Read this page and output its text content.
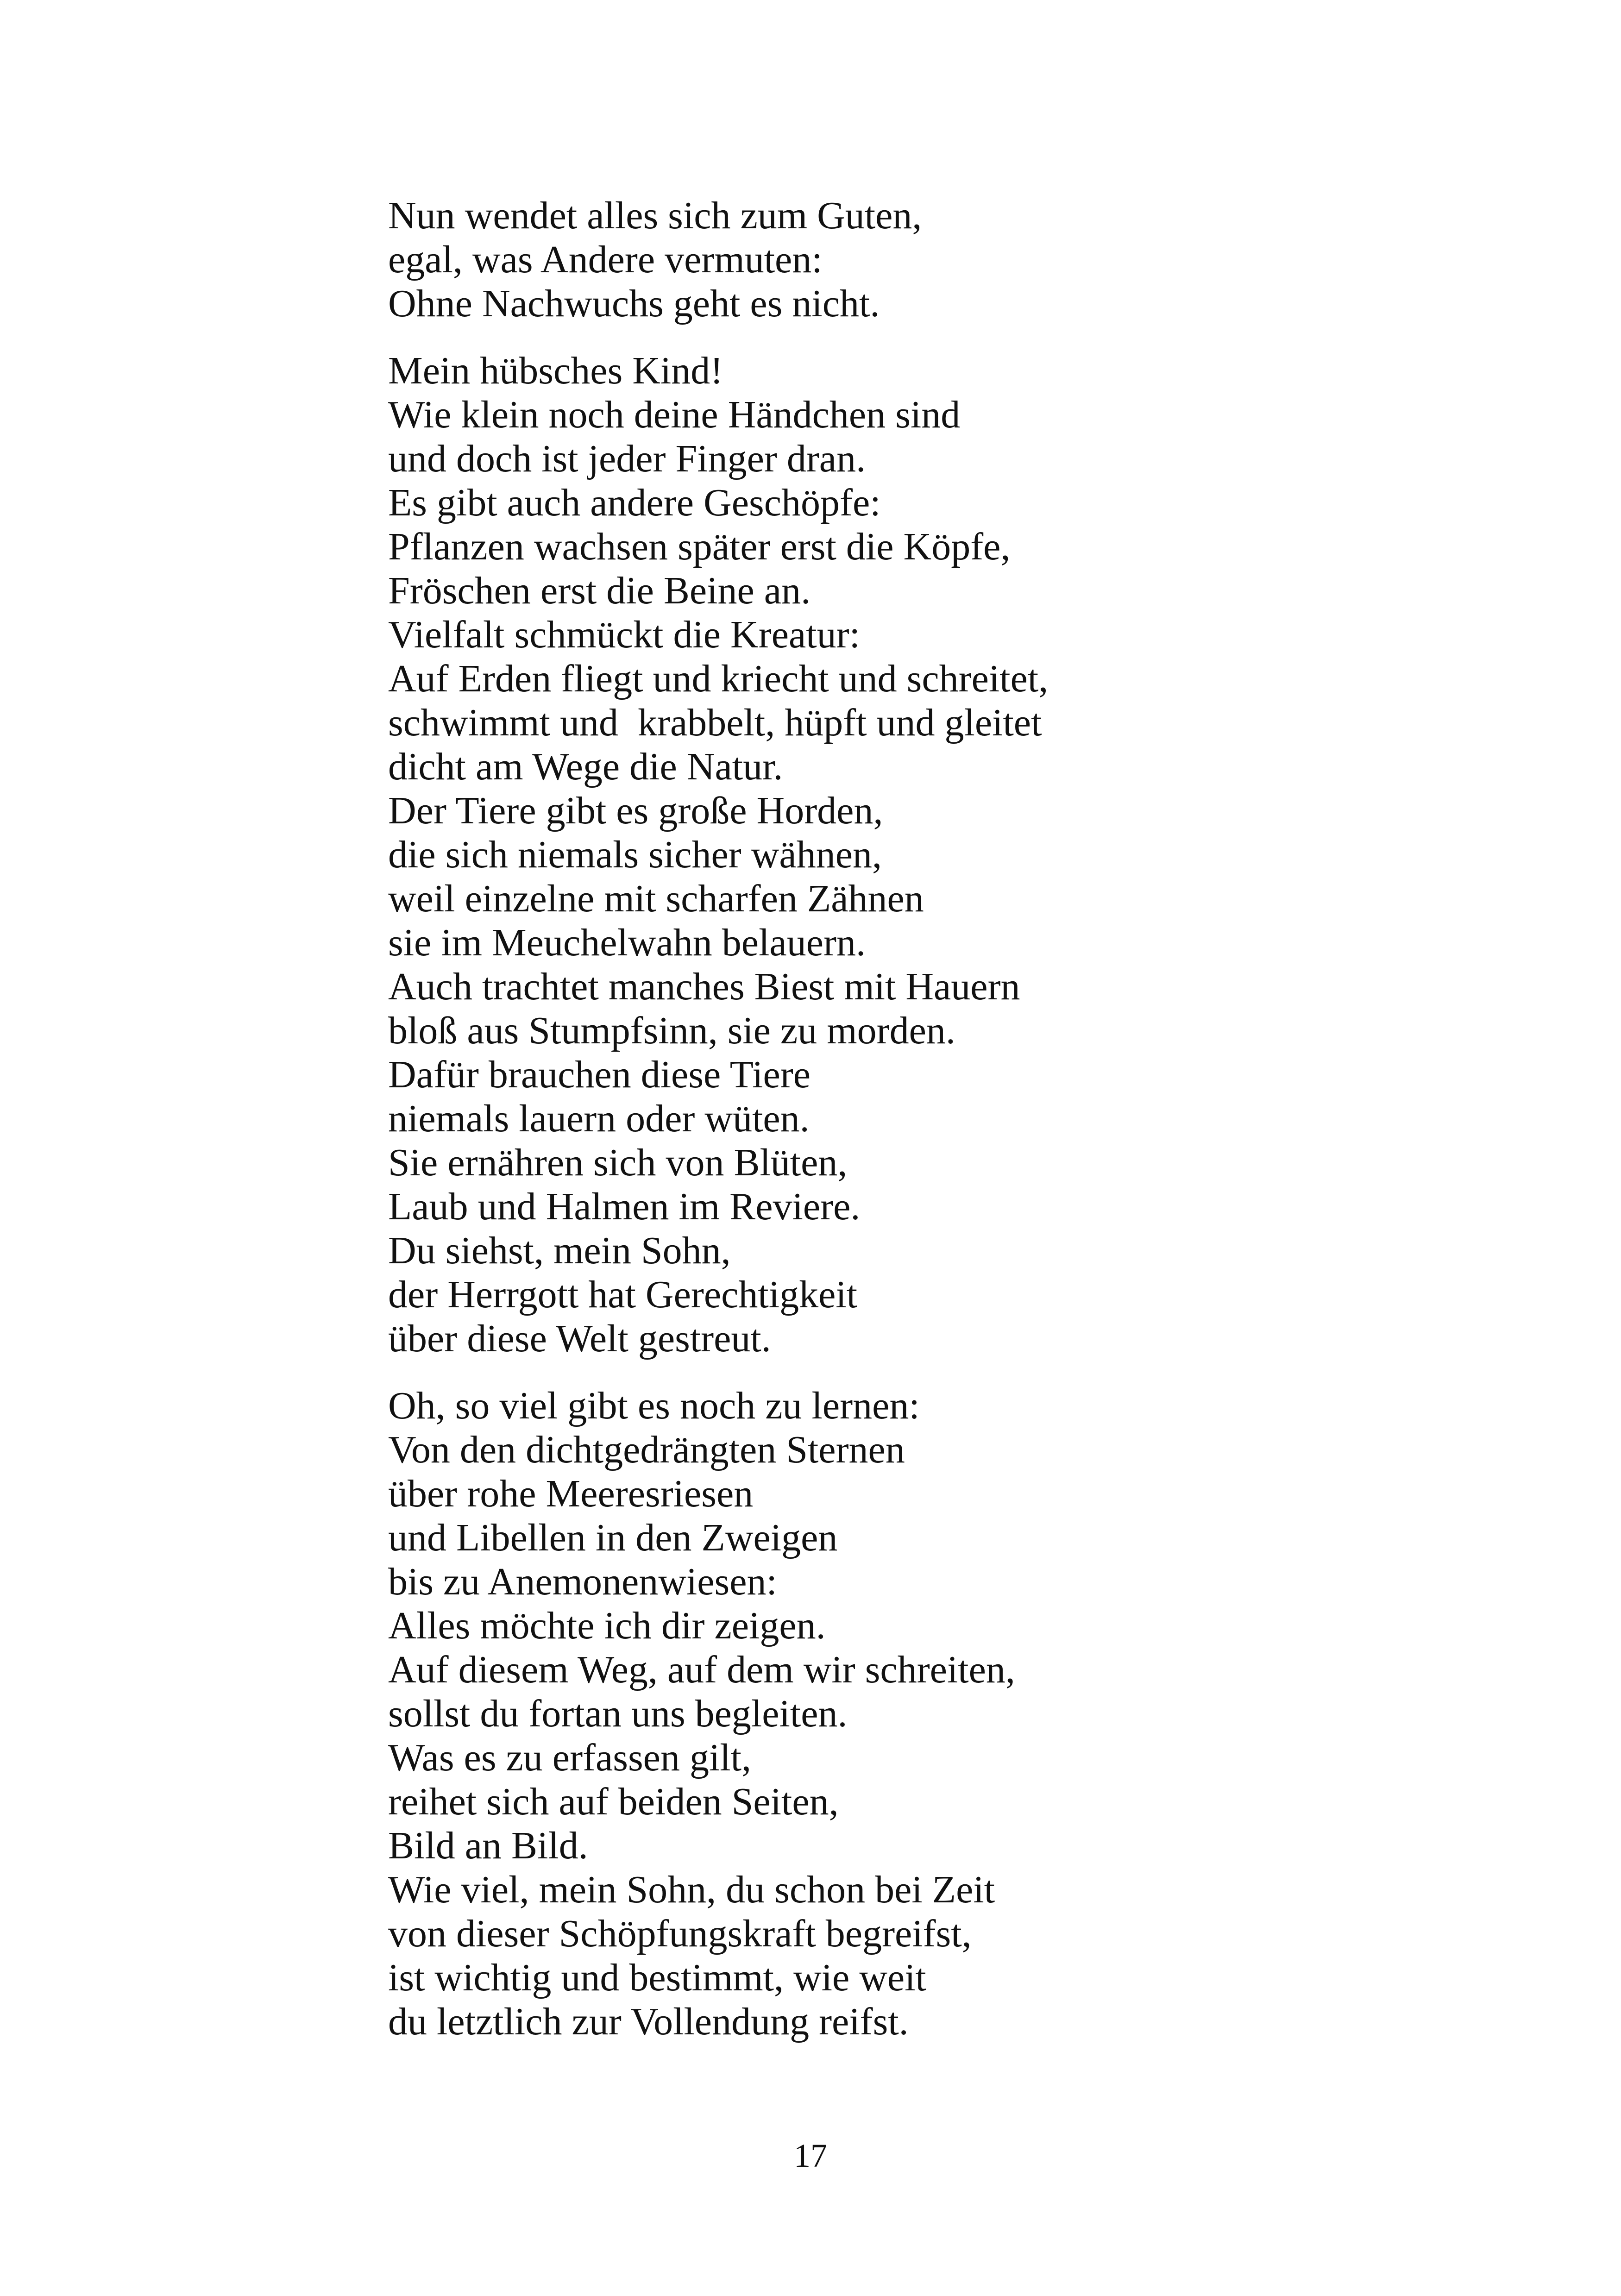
Nun wendet alles sich zum Guten,
egal, was Andere vermuten:
Ohne Nachwuchs geht es nicht.
Mein hübsches Kind!
Wie klein noch deine Händchen sind
und doch ist jeder Finger dran.
Es gibt auch andere Geschöpfe:
Pflanzen wachsen später erst die Köpfe,
Fröschen erst die Beine an.
Vielfalt schmückt die Kreatur:
Auf Erden fliegt und kriecht und schreitet,
schwimmt und  krabbelt, hüpft und gleitet
dicht am Wege die Natur.
Der Tiere gibt es große Horden,
die sich niemals sicher wähnen,
weil einzelne mit scharfen Zähnen
sie im Meuchelwahn belauern.
Auch trachtet manches Biest mit Hauern
bloß aus Stumpfsinn, sie zu morden.
Dafür brauchen diese Tiere
niemals lauern oder wüten.
Sie ernähren sich von Blüten,
Laub und Halmen im Reviere.
Du siehst, mein Sohn,
der Herrgott hat Gerechtigkeit
über diese Welt gestreut.
Oh, so viel gibt es noch zu lernen:
Von den dichtgedrängten Sternen
über rohe Meeresriesen
und Libellen in den Zweigen
bis zu Anemonenwiesen:
Alles möchte ich dir zeigen.
Auf diesem Weg, auf dem wir schreiten,
sollst du fortan uns begleiten.
Was es zu erfassen gilt,
reihet sich auf beiden Seiten,
Bild an Bild.
Wie viel, mein Sohn, du schon bei Zeit
von dieser Schöpfungskraft begreifst,
ist wichtig und bestimmt, wie weit
du letztlich zur Vollendung reifst.
17
